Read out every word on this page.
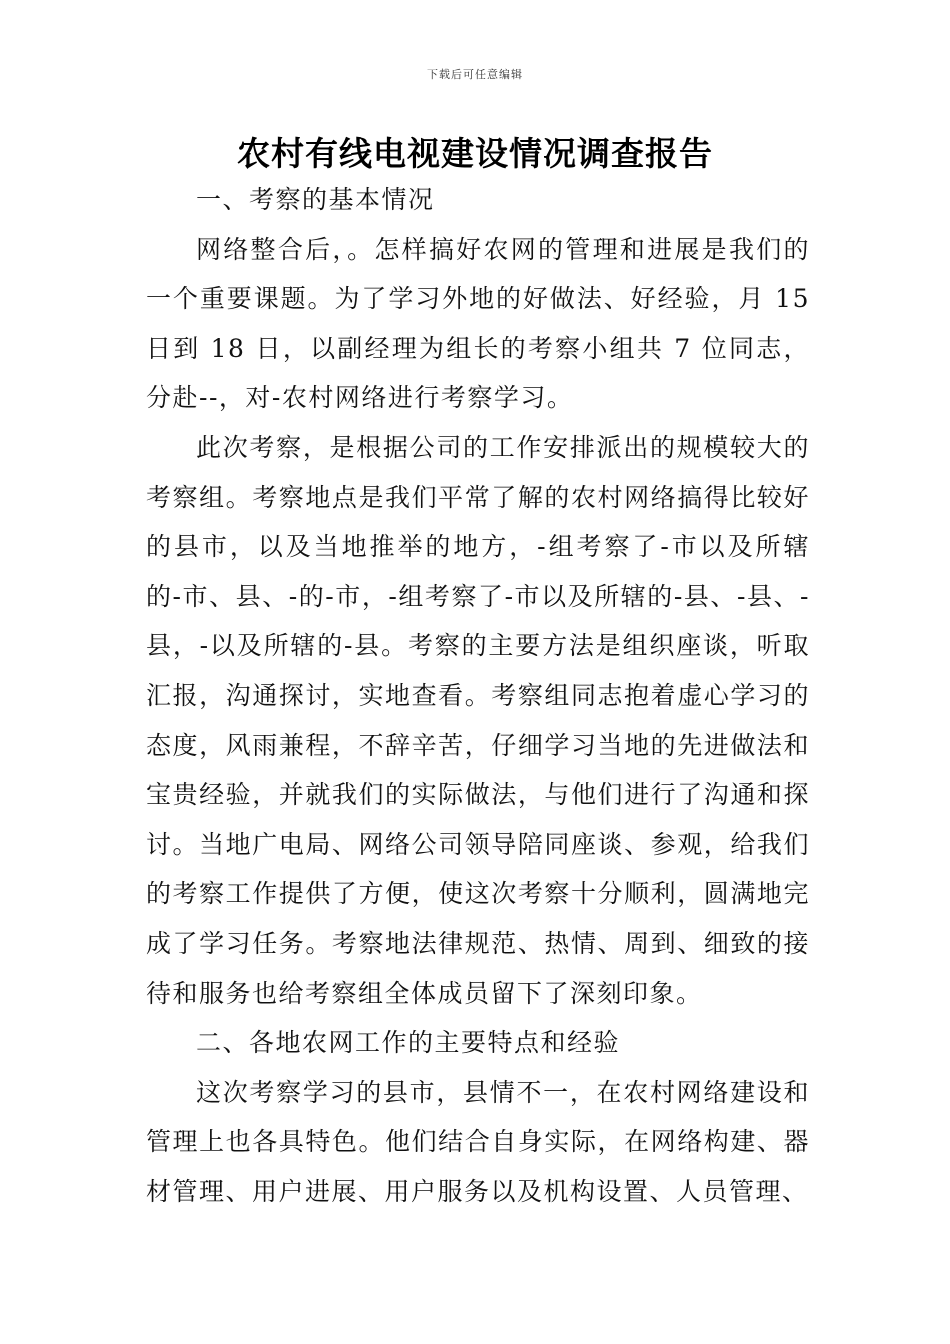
下载后可任意编辑
农村有线电视建设情况调查报告

一、考察的基本情况

网络整合后，。怎样搞好农网的管理和进展是我们的一个重要课题。为了学习外地的好做法、好经验，月 15 日到 18 日，以副经理为组长的考察小组共 7 位同志，分赴--，对-农村网络进行考察学习。

此次考察，是根据公司的工作安排派出的规模较大的考察组。考察地点是我们平常了解的农村网络搞得比较好的县市，以及当地推举的地方，-组考察了-市以及所辖的-市、县、-的-市，-组考察了-市以及所辖的-县、-县、-县，-以及所辖的-县。考察的主要方法是组织座谈，听取汇报，沟通探讨，实地查看。考察组同志抱着虚心学习的态度，风雨兼程，不辞辛苦，仔细学习当地的先进做法和宝贵经验，并就我们的实际做法，与他们进行了沟通和探讨。当地广电局、网络公司领导陪同座谈、参观，给我们的考察工作提供了方便，使这次考察十分顺利，圆满地完成了学习任务。考察地法律规范、热情、周到、细致的接待和服务也给考察组全体成员留下了深刻印象。

二、各地农网工作的主要特点和经验

这次考察学习的县市，县情不一，在农村网络建设和管理上也各具特色。他们结合自身实际，在网络构建、器材管理、用户进展、用户服务以及机构设置、人员管理、
